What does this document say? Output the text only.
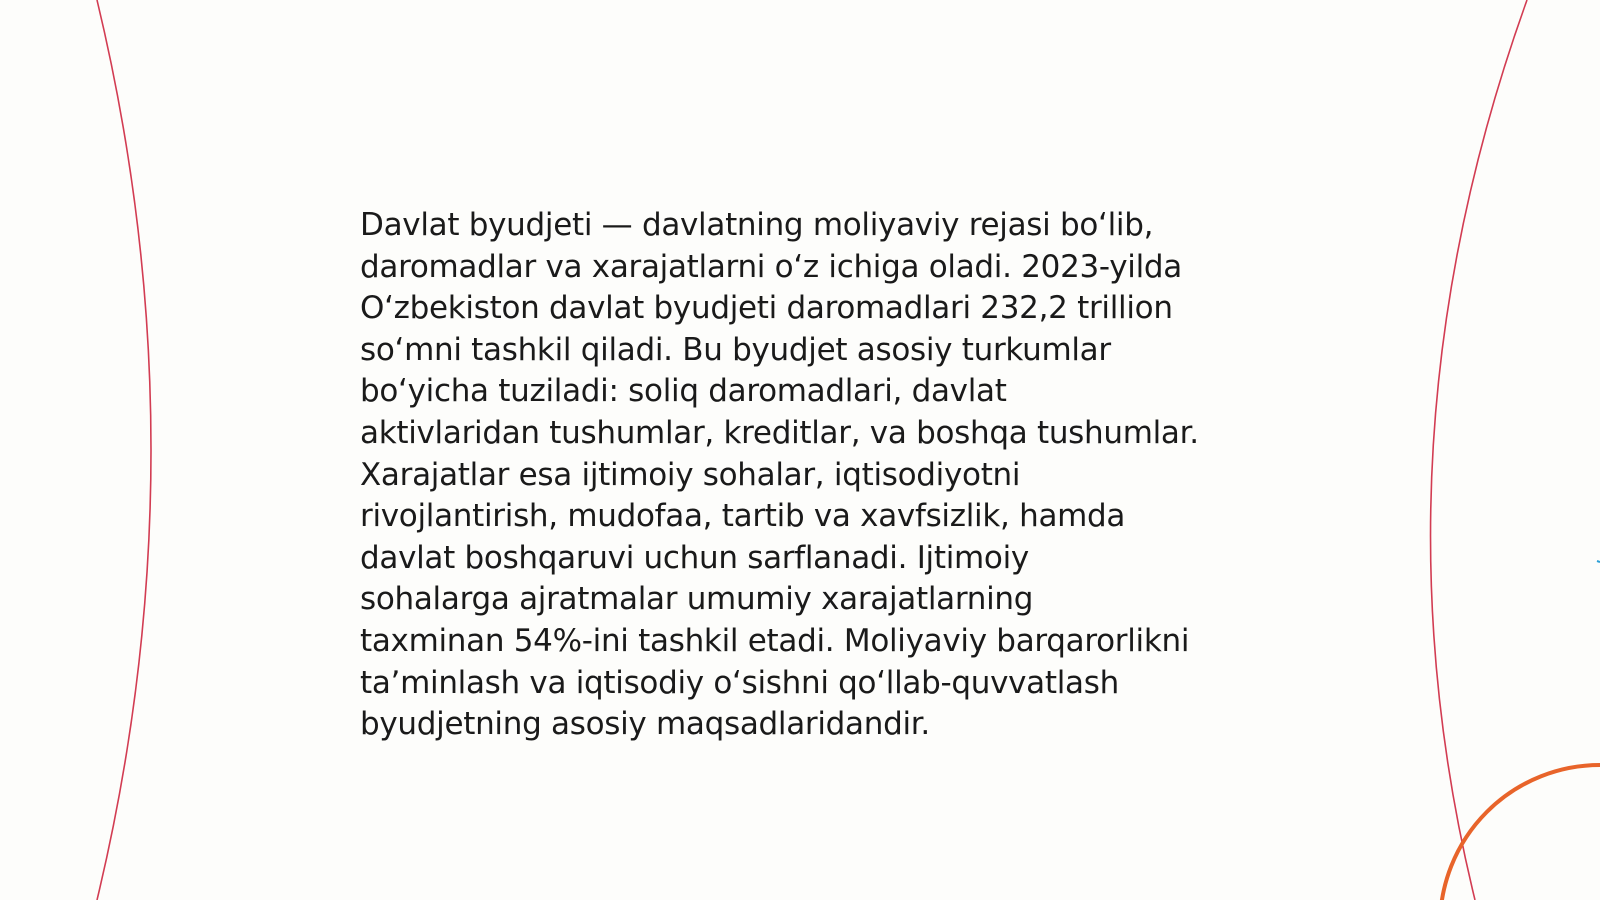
Davlat byudjeti — davlatning moliyaviy rejasi bo‘lib,
daromadlar va xarajatlarni o‘z ichiga oladi. 2023-yilda
O‘zbekiston davlat byudjeti daromadlari 232,2 trillion
so‘mni tashkil qiladi. Bu byudjet asosiy turkumlar
bo‘yicha tuziladi: soliq daromadlari, davlat
aktivlaridan tushumlar, kreditlar, va boshqa tushumlar.
Xarajatlar esa ijtimoiy sohalar, iqtisodiyotni
rivojlantirish, mudofaa, tartib va xavfsizlik, hamda
davlat boshqaruvi uchun sarflanadi. Ijtimoiy
sohalarga ajratmalar umumiy xarajatlarning
taxminan 54%-ini tashkil etadi. Moliyaviy barqarorlikni
ta’minlash va iqtisodiy o‘sishni qo‘llab-quvvatlash
byudjetning asosiy maqsadlaridandir.
